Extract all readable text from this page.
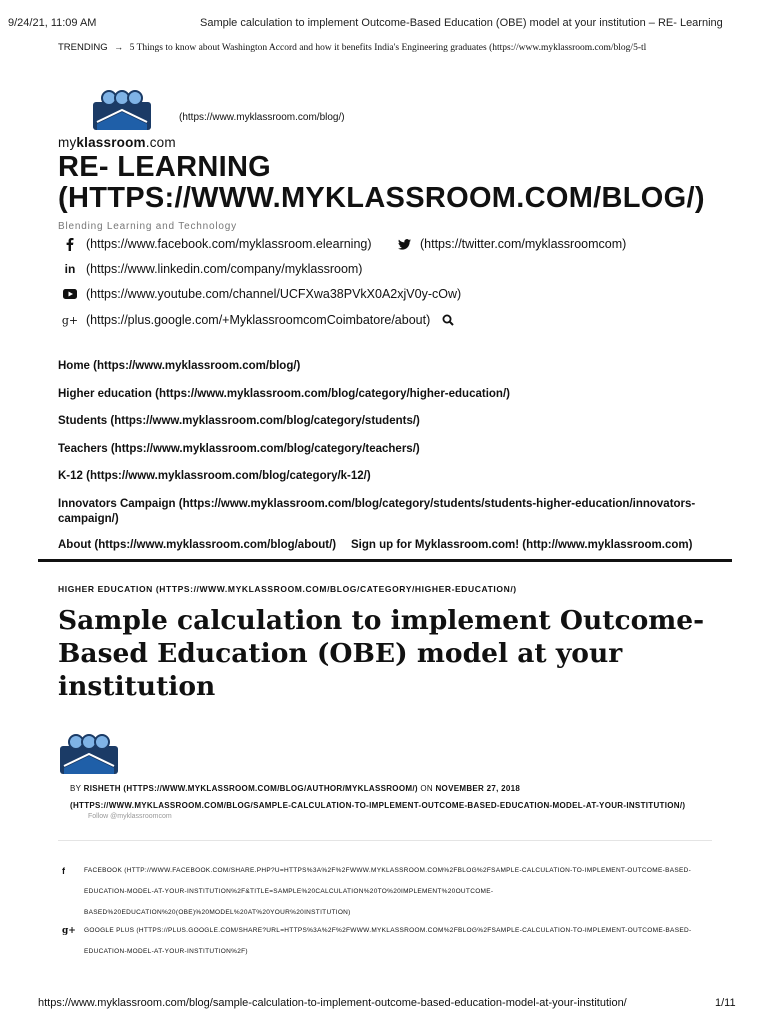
9/24/21, 11:09 AM	Sample calculation to implement Outcome-Based Education (OBE) model at your institution – RE- Learning
TRENDING → 5 Things to know about Washington Accord and how it benefits India's Engineering graduates (https://www.myklassroom.com/blog/5-tl
(https://www.myklassroom.com/blog/)
myklassroom.com
RE- LEARNING (HTTPS://WWW.MYKLASSROOM.COM/BLOG/)
Blending Learning and Technology
(https://www.facebook.com/myklassroom.elearning)	(https://twitter.com/myklassroomcom)
in (https://www.linkedin.com/company/myklassroom)
(https://www.youtube.com/channel/UCFXwa38PVkX0A2xjV0y-cOw)
g+ (https://plus.google.com/+MyklassroomcomCoimbatore/about)
Home (https://www.myklassroom.com/blog/)
Higher education (https://www.myklassroom.com/blog/category/higher-education/)
Students (https://www.myklassroom.com/blog/category/students/)
Teachers (https://www.myklassroom.com/blog/category/teachers/)
K-12 (https://www.myklassroom.com/blog/category/k-12/)
Innovators Campaign (https://www.myklassroom.com/blog/category/students/students-higher-education/innovators-campaign/)
About (https://www.myklassroom.com/blog/about/) Sign up for Myklassroom.com! (http://www.myklassroom.com)
HIGHER EDUCATION (HTTPS://WWW.MYKLASSROOM.COM/BLOG/CATEGORY/HIGHER-EDUCATION/)
Sample calculation to implement Outcome-Based Education (OBE) model at your institution
BY RISHETH (HTTPS://WWW.MYKLASSROOM.COM/BLOG/AUTHOR/MYKLASSROOM/) ON NOVEMBER 27, 2018
(HTTPS://WWW.MYKLASSROOM.COM/BLOG/SAMPLE-CALCULATION-TO-IMPLEMENT-OUTCOME-BASED-EDUCATION-MODEL-AT-YOUR-INSTITUTION/)
Follow @myklassroomcom
f	FACEBOOK (HTTP://WWW.FACEBOOK.COM/SHARE.PHP?U=HTTPS%3A%2F%2FWWW.MYKLASSROOM.COM%2FBLOG%2FSAMPLE-CALCULATION-TO-IMPLEMENT-OUTCOME-BASED-EDUCATION-MODEL-AT-YOUR-INSTITUTION%2F&TITLE=SAMPLE%20CALCULATION%20TO%20IMPLEMENT%20OUTCOME-BASED%20EDUCATION%20(OBE)%20MODEL%20AT%20YOUR%20INSTITUTION)
g+ GOOGLE PLUS (HTTPS://PLUS.GOOGLE.COM/SHARE?URL=HTTPS%3A%2F%2FWWW.MYKLASSROOM.COM%2FBLOG%2FSAMPLE-CALCULATION-TO-IMPLEMENT-OUTCOME-BASED-EDUCATION-MODEL-AT-YOUR-INSTITUTION%2F)
https://www.myklassroom.com/blog/sample-calculation-to-implement-outcome-based-education-model-at-your-institution/	1/11
